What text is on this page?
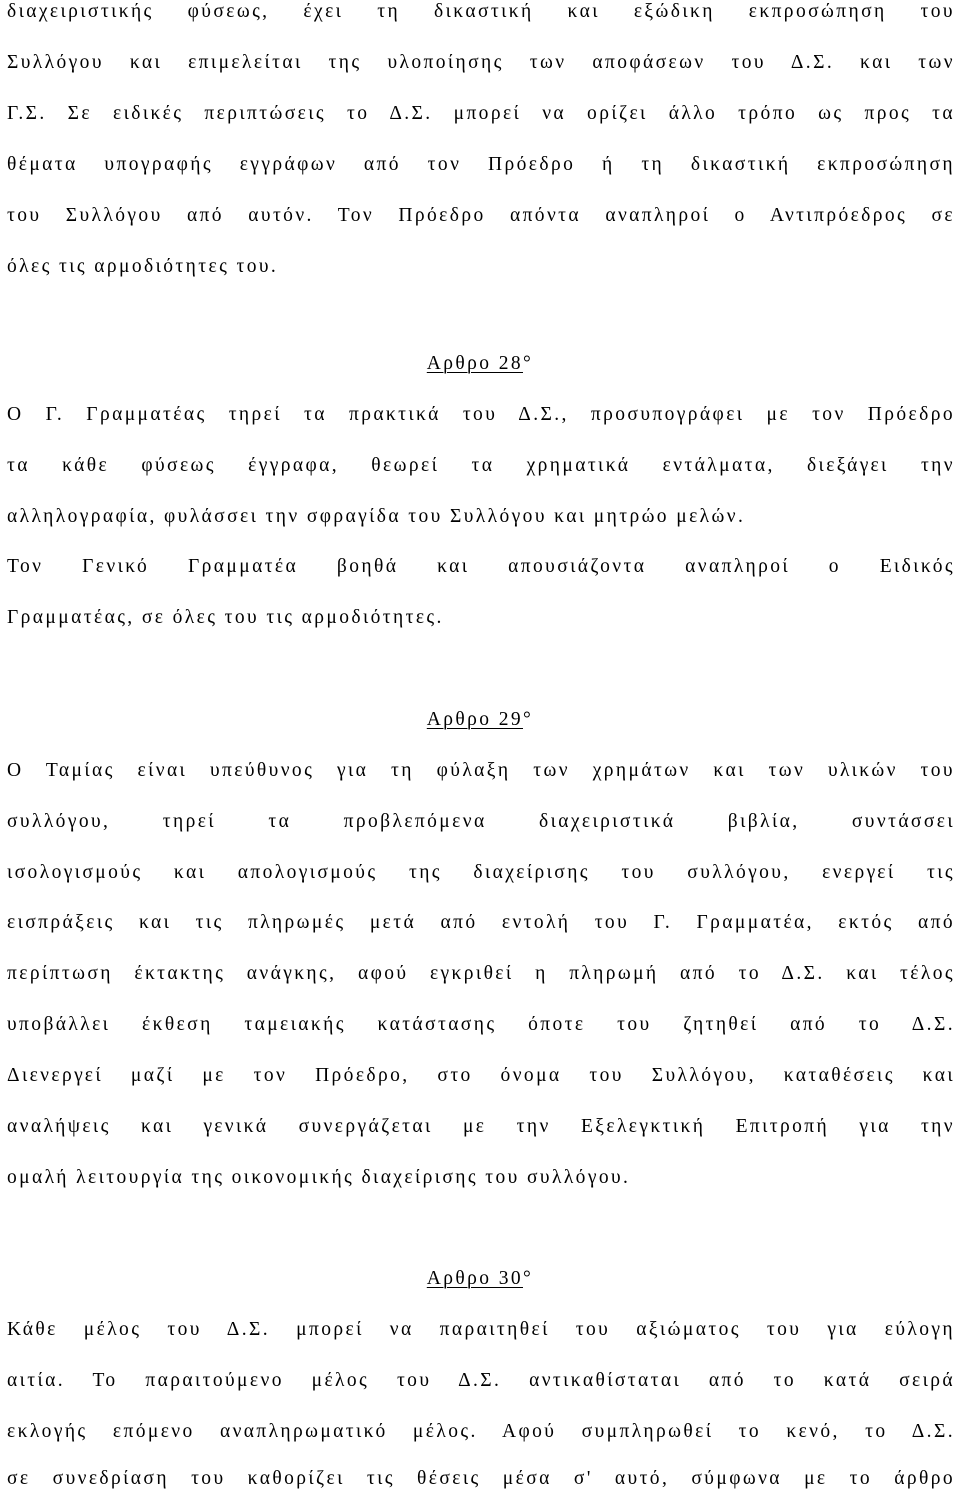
διαχειριστικής φύσεως, έχει τη δικαστική και εξώδικη εκπροσώπηση του
Συλλόγου και επιμελείται της υλοποίησης των αποφάσεων του Δ.Σ. και των
Γ.Σ. Σε ειδικές περιπτώσεις το Δ.Σ. μπορεί να ορίζει άλλο τρόπο ως προς τα
θέματα υπογραφής εγγράφων από τον Πρόεδρο ή τη δικαστική εκπροσώπηση
του Συλλόγου από αυτόν. Τον Πρόεδρο απόντα αναπληροί ο Αντιπρόεδρος σε
όλες τις αρμοδιότητες του.
Αρθρο 28°
Ο Γ. Γραμματέας τηρεί τα πρακτικά του Δ.Σ., προσυπογράφει με τον Πρόεδρο
τα κάθε φύσεως έγγραφα, θεωρεί τα χρηματικά εντάλματα, διεξάγει την
αλληλογραφία, φυλάσσει την σφραγίδα του Συλλόγου και μητρώο μελών.
Τον Γενικό Γραμματέα βοηθά και απουσιάζοντα αναπληροί ο Ειδικός
Γραμματέας, σε όλες του τις αρμοδιότητες.
Αρθρο 29°
Ο Ταμίας είναι υπεύθυνος για τη φύλαξη των χρημάτων και των υλικών του
συλλόγου, τηρεί τα προβλεπόμενα διαχειριστικά βιβλία, συντάσσει
ισολογισμούς και απολογισμούς της διαχείρισης του συλλόγου, ενεργεί τις
εισπράξεις και τις πληρωμές μετά από εντολή του Γ. Γραμματέα, εκτός από
περίπτωση έκτακτης ανάγκης, αφού εγκριθεί η πληρωμή από το Δ.Σ. και τέλος
υποβάλλει έκθεση ταμειακής κατάστασης όποτε του ζητηθεί από το Δ.Σ.
Διενεργεί μαζί με τον Πρόεδρο, στο όνομα του Συλλόγου, καταθέσεις και
αναλήψεις και γενικά συνεργάζεται με την Εξελεγκτική Επιτροπή για την
ομαλή λειτουργία της οικονομικής διαχείρισης του συλλόγου.
Αρθρο 30°
Κάθε μέλος του Δ.Σ. μπορεί να παραιτηθεί του αξιώματος του για εύλογη
αιτία. Το παραιτούμενο μέλος του Δ.Σ. αντικαθίσταται από το κατά σειρά
εκλογής επόμενο αναπληρωματικό μέλος. Αφού συμπληρωθεί το κενό, το Δ.Σ.
σε συνεδρίαση του καθορίζει τις θέσεις μέσα σ' αυτό, σύμφωνα με το άρθρο
